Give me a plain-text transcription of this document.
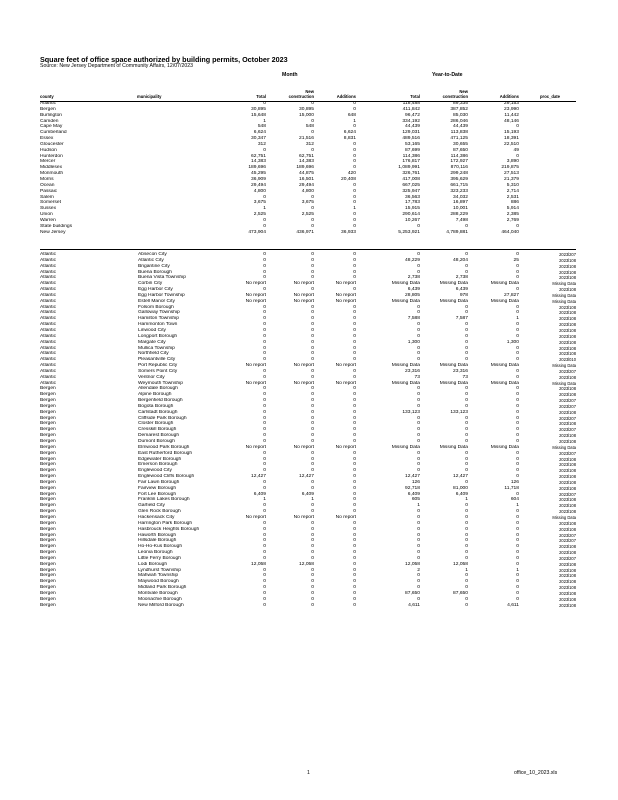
Square feet of office space authorized by building permits, October 2023
Source: New Jersey Department of Community Affairs, 12/07/2023
Month	Year-to-Date
county	municipality	Total
New
construction	Additions	Total
New
construction	Additions	proc_date
Atlantic		0	0	0	118,488	89,335	29,153	
Bergen		30,895	30,895	0	411,842	387,852	23,990	
Burlington		15,648	15,000	648	96,472	85,030	11,442	
Camden		1	0	1	334,192	286,046	48,146	
Cape May		548	548	0	44,439	44,439	0	
Cumberland		6,624	0	6,624	129,031	113,838	15,193	
Essex		30,347	21,516	8,831	489,516	471,125	18,391	
Gloucester		312	312	0	53,165	30,655	22,510	
Hudson		0	0	0	87,699	87,650	49	
Hunterdon		62,751	62,751	0	114,386	114,386	0	
Mercer		14,383	14,383	0	176,817	172,927	3,890	
Middlesex		189,696	189,696	0	1,089,991	870,116	219,875	
Monmouth		45,295	44,875	420	326,761	299,248	27,513	
Morris		36,909	16,501	20,408	417,008	395,629	21,379	
Ocean		29,494	29,494	0	667,025	661,715	5,310	
Passaic		4,800	4,800	0	325,947	323,233	2,714	
Salem		0	0	0	36,563	34,032	2,531	
Somerset		3,675	3,675	0	17,783	16,897	886	
Sussex		1	0	1	15,915	10,001	5,914	
Union		2,525	2,525	0	290,614	288,229	2,385	
Warren		0	0	0	10,267	7,498	2,769	
State buildings		0	0	0	0	0	0	
New Jersey		473,904	436,971	36,933	5,253,921	4,789,881	464,040	
Atlantic	Absecon City	0	0	0	0	0	0	2023l207
Atlantic	Atlantic City	0	0	0	48,229	48,204	25	2023l108
Atlantic	Brigantine City	0	0	0	0	0	0	2023l108
Atlantic	Buena Borough	0	0	0	0	0	0	2023l108
Atlantic	Buena Vista Township	0	0	0	2,738	2,738	0	2023l108
Atlantic	Corbin City	No report	No report	No report	Missing Data	Missing Data	Missing Data	Missing Data
Atlantic	Egg Harbor City	0	0	0	6,439	6,439	0	2023l108
Atlantic	Egg Harbor Township	No report	No report	No report	28,805	978	27,827	Missing Data
Atlantic	Estell Manor City	No report	No report	No report	Missing Data	Missing Data	Missing Data	Missing Data
Atlantic	Folsom Borough	0	0	0	0	0	0	2023l108
Atlantic	Galloway Township	0	0	0	0	0	0	2023l108
Atlantic	Hamilton Township	0	0	0	7,588	7,587	1	2023l108
Atlantic	Hammonton Town	0	0	0	0	0	0	2023l108
Atlantic	Linwood City	0	0	0	0	0	0	2023l108
Atlantic	Longport Borough	0	0	0	0	0	0	2023l108
Atlantic	Margate City	0	0	0	1,300	0	1,300	2023l108
Atlantic	Mullica Township	0	0	0	0	0	0	2023l108
Atlantic	Northfield City	0	0	0	0	0	0	2023l108
Atlantic	Pleasantville City	0	0	0	0	0	0	2023l010
Atlantic	Port Republic City	No report	No report	No report	Missing Data	Missing Data	Missing Data	Missing Data
Atlantic	Somers Point City	0	0	0	23,316	23,316	0	2023l207
Atlantic	Ventnor City	0	0	0	73	73	0	2023l108
Atlantic	Weymouth Township	No report	No report	No report	Missing Data	Missing Data	Missing Data	Missing Data
Bergen	Allendale Borough	0	0	0	0	0	0	2023l108
Bergen	Alpine Borough	0	0	0	0	0	0	2023l108
Bergen	Bergenfield Borough	0	0	0	0	0	0	2023l207
Bergen	Bogota Borough	0	0	0	0	0	0	2023l207
Bergen	Carlstadt Borough	0	0	0	133,123	133,123	0	2023l108
Bergen	Cliffside Park Borough	0	0	0	0	0	0	2023l207
Bergen	Closter Borough	0	0	0	0	0	0	2023l108
Bergen	Cresskill Borough	0	0	0	0	0	0	2023l207
Bergen	Demarest Borough	0	0	0	0	0	0	2023l108
Bergen	Dumont Borough	0	0	0	0	0	0	2023l108
Bergen	Elmwood Park Borough	No report	No report	No report	Missing Data	Missing Data	Missing Data	Missing Data
Bergen	East Rutherford Borough	0	0	0	0	0	0	2023l207
Bergen	Edgewater Borough	0	0	0	0	0	0	2023l108
Bergen	Emerson Borough	0	0	0	0	0	0	2023l108
Bergen	Englewood City	0	0	0	0	0	0	2023l108
Bergen	Englewood Cliffs Borough	12,427	12,427	0	12,427	12,427	0	2023l108
Bergen	Fair Lawn Borough	0	0	0	126	0	126	2023l108
Bergen	Fairview Borough	0	0	0	92,718	81,000	11,718	2023l108
Bergen	Fort Lee Borough	6,409	6,409	0	6,409	6,409	0	2023l207
Bergen	Franklin Lakes Borough	1	1	0	605	1	604	2023l108
Bergen	Garfield City	0	0	0	1	0	1	2023l108
Bergen	Glen Rock Borough	0	0	0	0	0	0	2023l108
Bergen	Hackensack City	No report	No report	No report	0	0	0	Missing Data
Bergen	Harrington Park Borough	0	0	0	0	0	0	2023l108
Bergen	Hasbrouck Heights Borough	0	0	0	0	0	0	2023l108
Bergen	Haworth Borough	0	0	0	0	0	0	2023l207
Bergen	Hillsdale Borough	0	0	0	0	0	0	2023l207
Bergen	Ho-Ho-Kus Borough	0	0	0	0	0	0	2023l108
Bergen	Leonia Borough	0	0	0	0	0	0	2023l108
Bergen	Little Ferry Borough	0	0	0	0	0	0	2023l207
Bergen	Lodi Borough	12,058	12,058	0	12,058	12,058	0	2023l108
Bergen	Lyndhurst Township	0	0	0	2	1	1	2023l108
Bergen	Mahwah Township	0	0	0	0	0	0	2023l108
Bergen	Maywood Borough	0	0	0	0	0	0	2023l108
Bergen	Midland Park Borough	0	0	0	0	0	0	2023l108
Bergen	Montvale Borough	0	0	0	87,650	87,650	0	2023l108
Bergen	Moonachie Borough	0	0	0	0	0	0	2023l108
Bergen	New Milford Borough	0	0	0	4,611	0	4,611	2023l108
1	office_10_2023.xls
